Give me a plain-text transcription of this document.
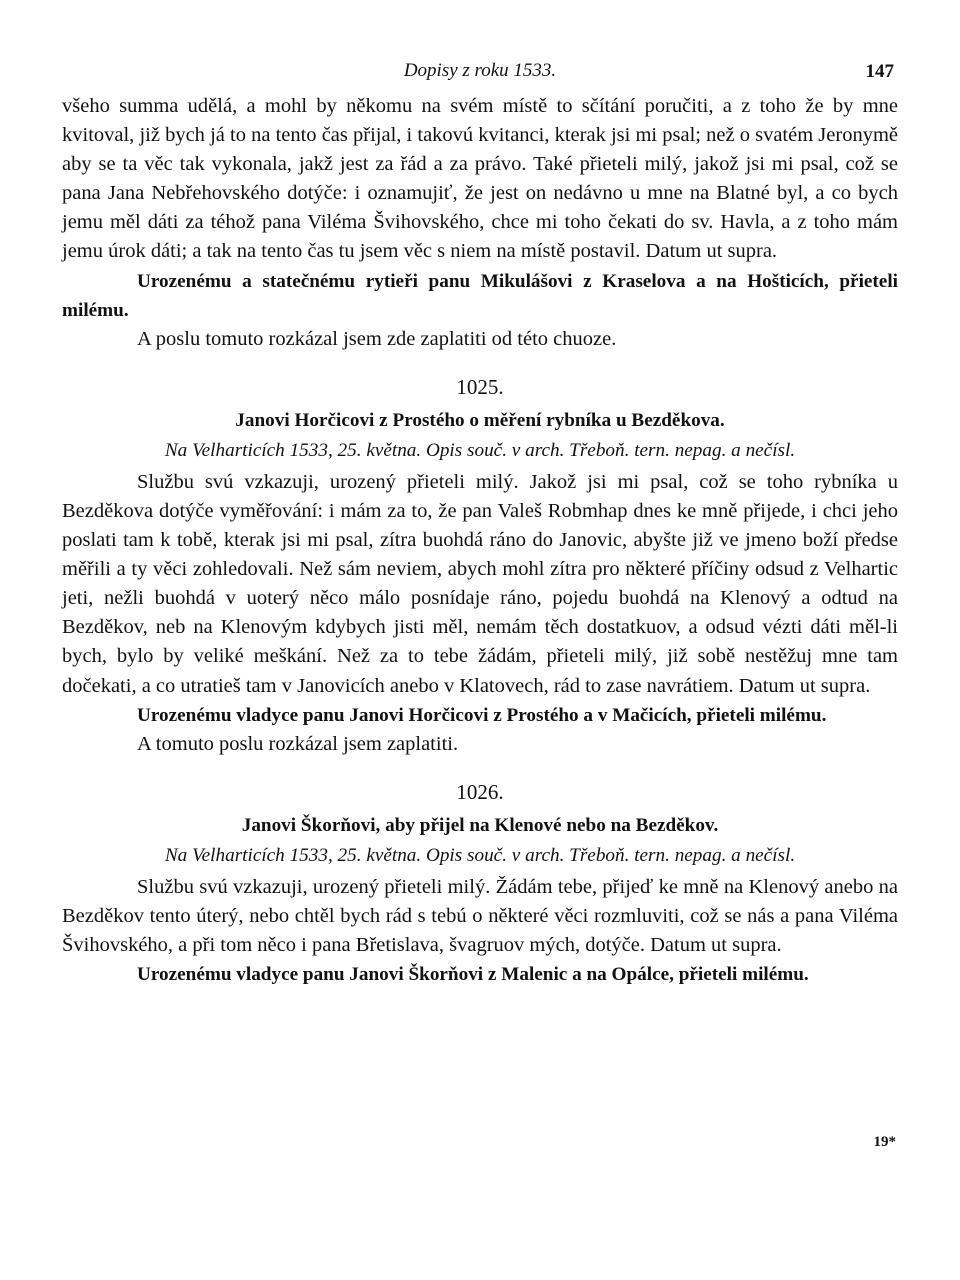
Dopisy z roku 1533.	147

všeho summa udělá, a mohl by někomu na svém místě to sčítání poručiti, a z toho že by mne kvitoval, již bych já to na tento čas přijal, i takovú kvitanci, kterak jsi mi psal; než o svatém Jeronymě aby se ta věc tak vykonala, jakž jest za řád a za právo. Také přieteli milý, jakož jsi mi psal, což se pana Jana Nebřehovského dotýče: i oznamujiť, že jest on nedávno u mne na Blatné byl, a co bych jemu měl dáti za téhož pana Viléma Švihovského, chce mi toho čekati do sv. Havla, a z toho mám jemu úrok dáti; a tak na tento čas tu jsem věc s niem na místě postavil. Datum ut supra.

Urozenému a statečnému rytieři panu Mikulášovi z Kraselova a na Hošticích, přieteli milému.

A poslu tomuto rozkázal jsem zde zaplatiti od této chuoze.

1025.
Janovi Horčicovi z Prostého o měření rybníka u Bezděkova.
Na Velharticích 1533, 25. května. Opis souč. v arch. Třeboň. tern. nepag. a nečísl.

Službu svú vzkazuji, urozený přieteli milý. Jakož jsi mi psal, což se toho rybníka u Bezděkova dotýče vyměřování: i mám za to, že pan Valeš Robmhap dnes ke mně přijede, i chci jeho poslati tam k tobě, kterak jsi mi psal, zítra buohdá ráno do Janovic, abyšte již ve jmeno boží předse měřili a ty věci zohledovali. Než sám neviem, abych mohl zítra pro některé příčiny odsud z Velhartic jeti, nežli buohdá v uoterý něco málo posnídaje ráno, pojedu buohdá na Klenový a odtud na Bezděkov, neb na Klenovým kdybych jisti měl, nemám těch dostatkuov, a odsud vézti dáti měl-li bych, bylo by veliké meškání. Než za to tebe žádám, přieteli milý, již sobě nestěžuj mne tam dočekati, a co utratieš tam v Janovicích anebo v Klatovech, rád to zase navrátiem. Datum ut supra.

Urozenému vladyce panu Janovi Horčicovi z Prostého a v Mačicích, přieteli milému.

A tomuto poslu rozkázal jsem zaplatiti.

1026.
Janovi Škorňovi, aby přijel na Klenové nebo na Bezděkov.
Na Velharticích 1533, 25. května. Opis souč. v arch. Třeboň. tern. nepag. a nečísl.

Službu svú vzkazuji, urozený přieteli milý. Žádám tebe, přijeď ke mně na Klenový anebo na Bezděkov tento úterý, nebo chtěl bych rád s tebú o některé věci rozmluviti, což se nás a pana Viléma Švihovského, a při tom něco i pana Břetislava, švagruov mých, dotýče. Datum ut supra.

Urozenému vladyce panu Janovi Škorňovi z Malenic a na Opálce, přieteli milému.

19*
